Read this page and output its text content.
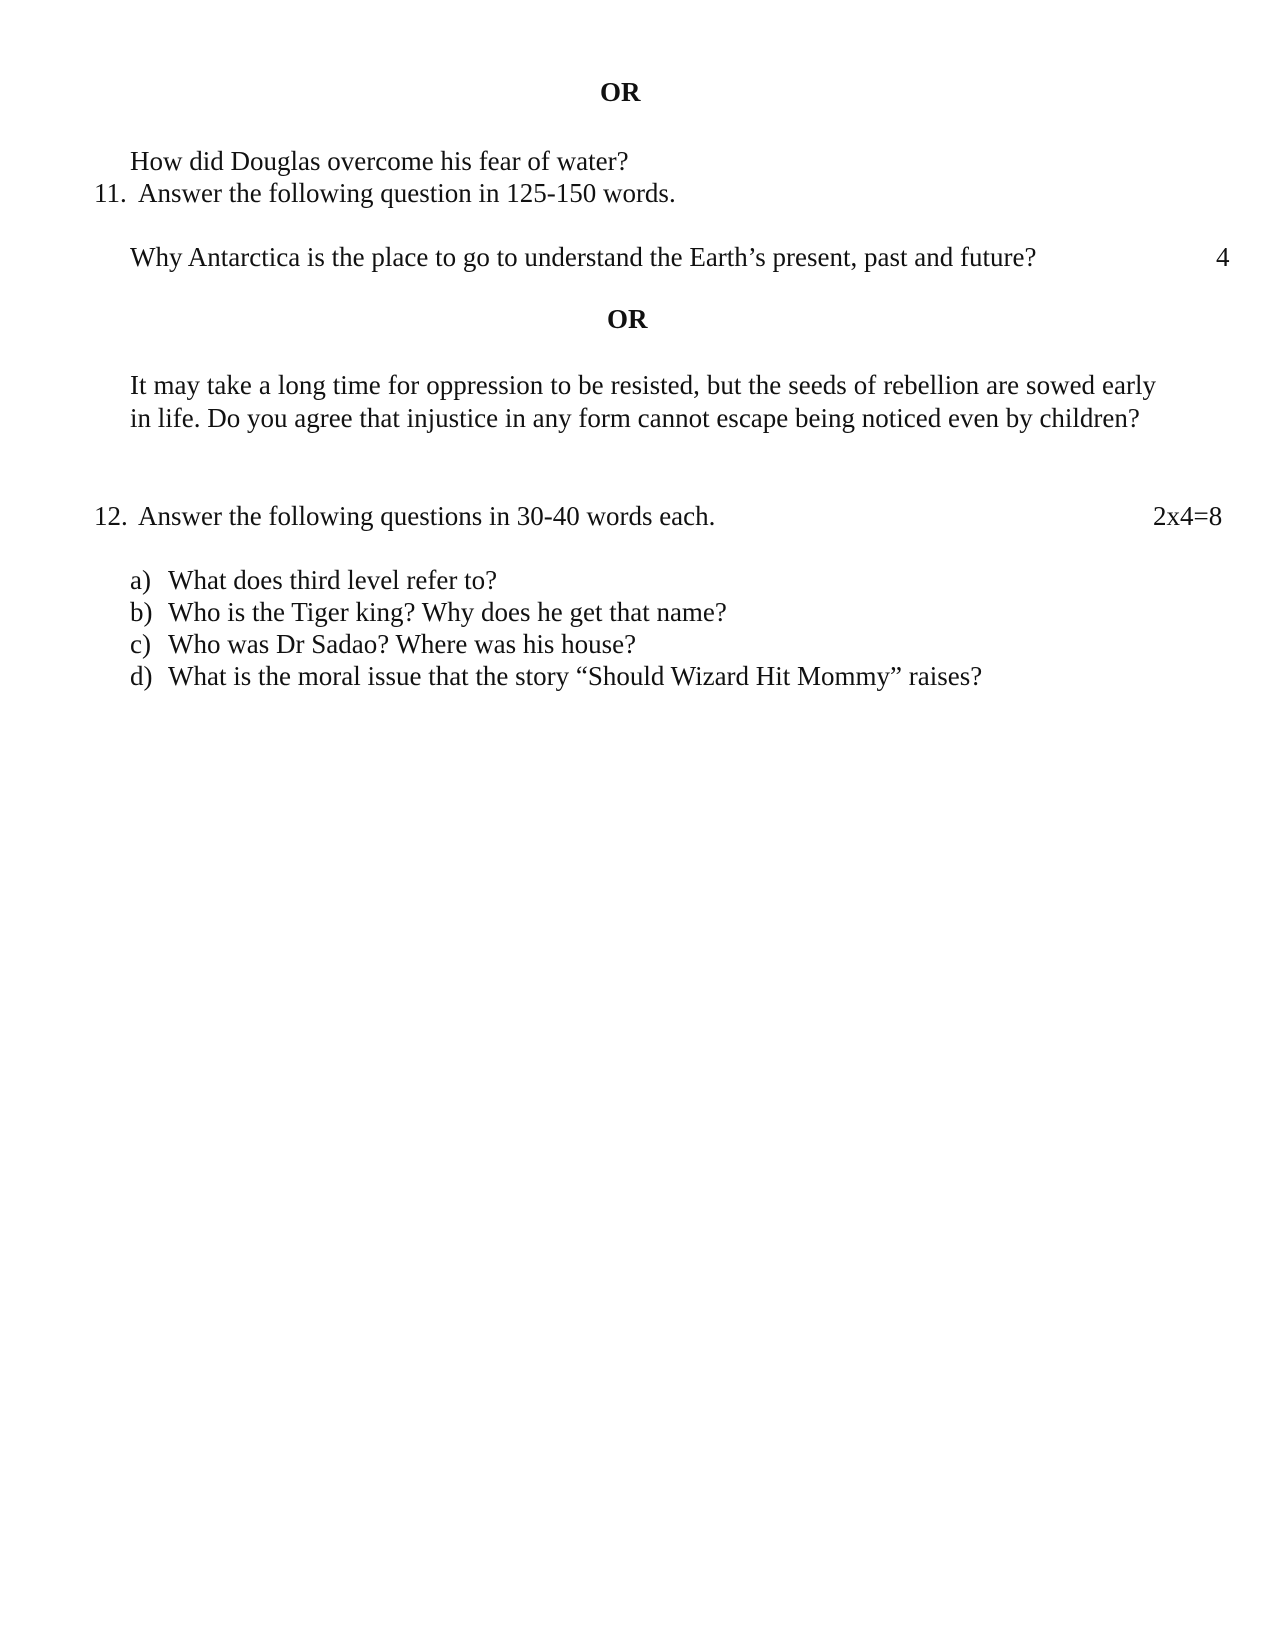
OR
How did Douglas overcome his fear of water?
11. Answer the following question in 125-150 words.
Why Antarctica is the place to go to understand the Earth’s present, past and future?	4
OR
It may take a long time for oppression to be resisted, but the seeds of rebellion are sowed early in life. Do you agree that injustice in any form cannot escape being noticed even by children?
12. Answer the following questions in 30-40 words each.	2x4=8
a) What does third level refer to?
b) Who is the Tiger king? Why does he get that name?
c) Who was Dr Sadao? Where was his house?
d) What is the moral issue that the story “Should Wizard Hit Mommy” raises?
